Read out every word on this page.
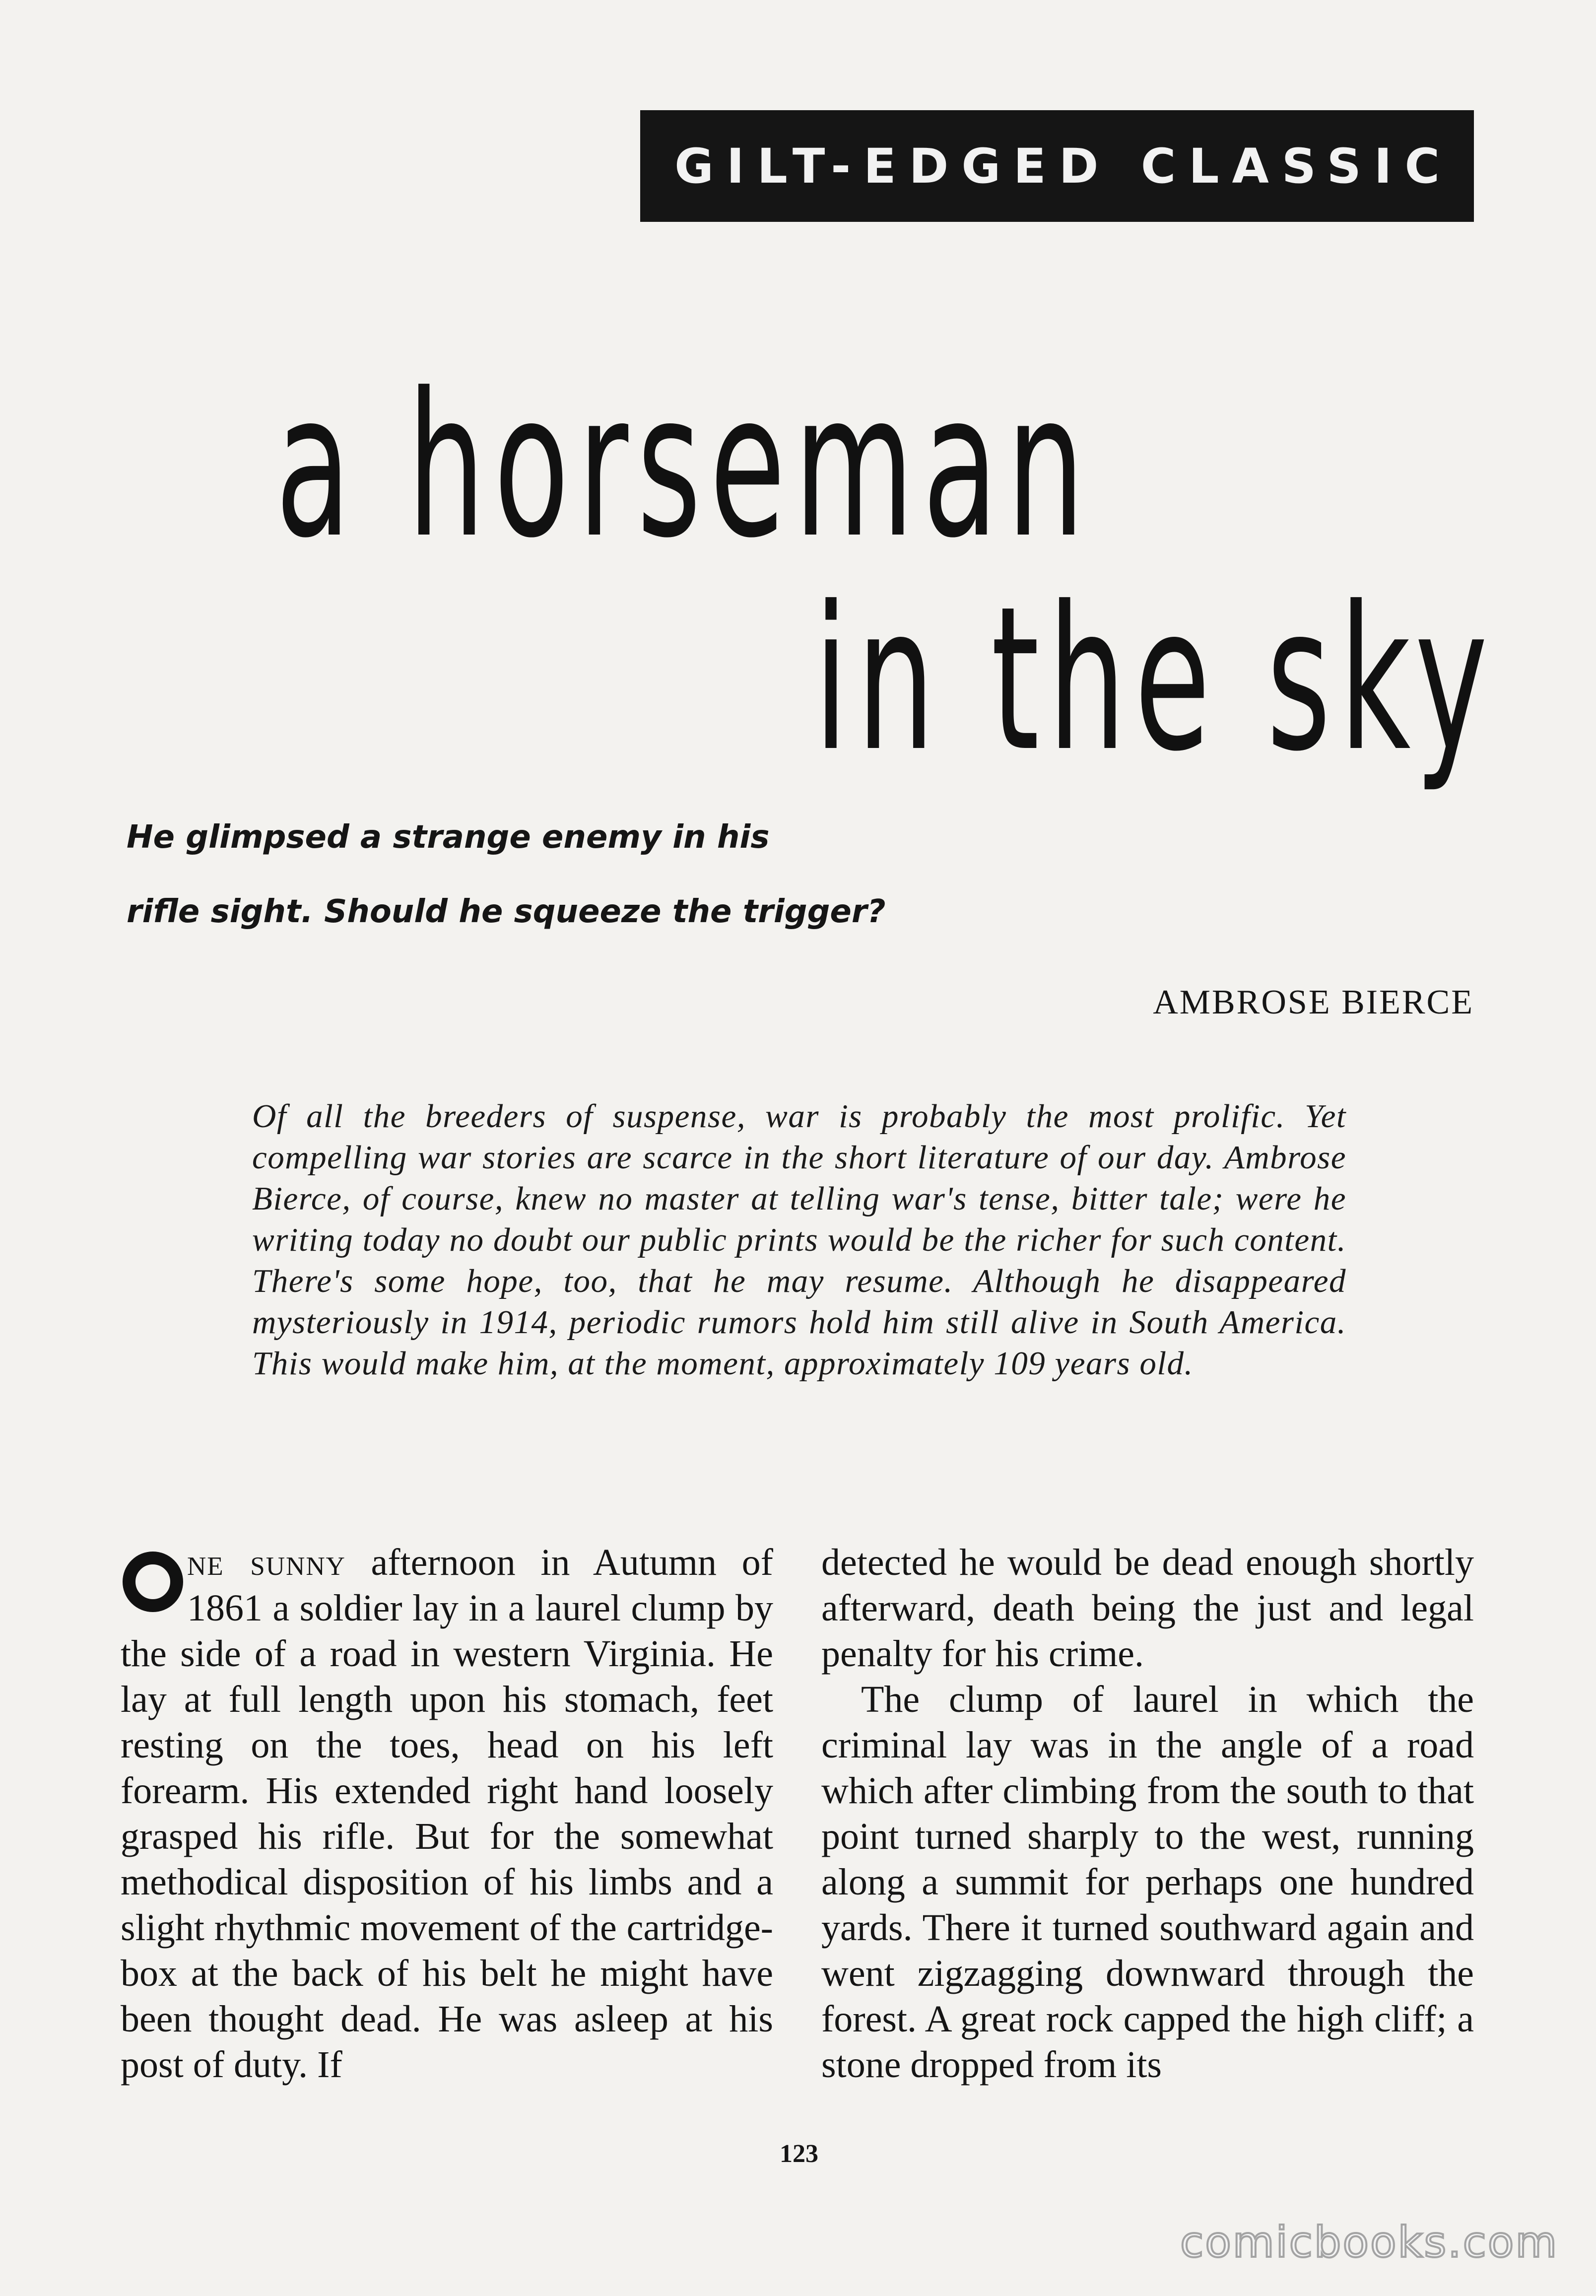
GILT-EDGED CLASSIC
a horseman
in the sky
He glimpsed a strange enemy in his
rifle sight. Should he squeeze the trigger?
AMBROSE BIERCE
Of all the breeders of suspense, war is probably the most prolific. Yet compelling war stories are scarce in the short literature of our day. Ambrose Bierce, of course, knew no master at telling war's tense, bitter tale; were he writing today no doubt our public prints would be the richer for such content. There's some hope, too, that he may resume. Although he disappeared mysteriously in 1914, periodic rumors hold him still alive in South America. This would make him, at the moment, approximately 109 years old.

ne sunny afternoon in Autumn of 1861 a soldier lay in a laurel clump by the side of a road in western Virginia. He lay at full length upon his stomach, feet resting on the toes, head on his left forearm. His extended right hand loosely grasped his rifle. But for the somewhat methodical disposition of his limbs and a slight rhythmic movement of the cartridge-box at the back of his belt he might have been thought dead. He was asleep at his post of duty. If

detected he would be dead enough shortly afterward, death being the just and legal penalty for his crime.

The clump of laurel in which the criminal lay was in the angle of a road which after climbing from the south to that point turned sharply to the west, running along a summit for perhaps one hundred yards. There it turned southward again and went zigzagging downward through the forest. A great rock capped the high cliff; a stone dropped from its

123
comicbooks.com
